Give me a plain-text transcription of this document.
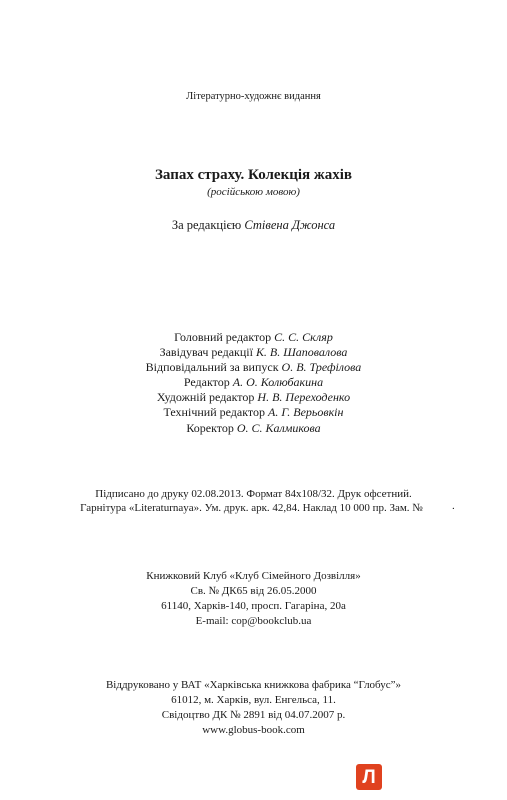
Літературно-художнє видання
Запах страху. Колекція жахів
(російською мовою)
За редакцією Стівена Джонса
Головний редактор С. С. Скляр
Завідувач редакції К. В. Шаповалова
Відповідальний за випуск О. В. Трефілова
Редактор А. О. Колюбакина
Художній редактор Н. В. Переходенко
Технічний редактор А. Г. Верьовкін
Коректор О. С. Калмикова
Підписано до друку 02.08.2013. Формат 84x108/32. Друк офсетний.
Гарнітура «Literaturnaya». Ум. друк. арк. 42,84. Наклад 10 000 пр. Зам. №	.
Книжковий Клуб «Клуб Сімейного Дозвілля»
Св. № ДК65 від 26.05.2000
61140, Харків-140, просп. Гагаріна, 20а
E-mail: cop@bookclub.ua
Віддруковано у ВАТ «Харківська книжкова фабрика “Глобус”»
61012, м. Харків, вул. Енгельса, 11.
Свідоцтво ДК № 2891 від 04.07.2007 р.
www.globus-book.com
Л
